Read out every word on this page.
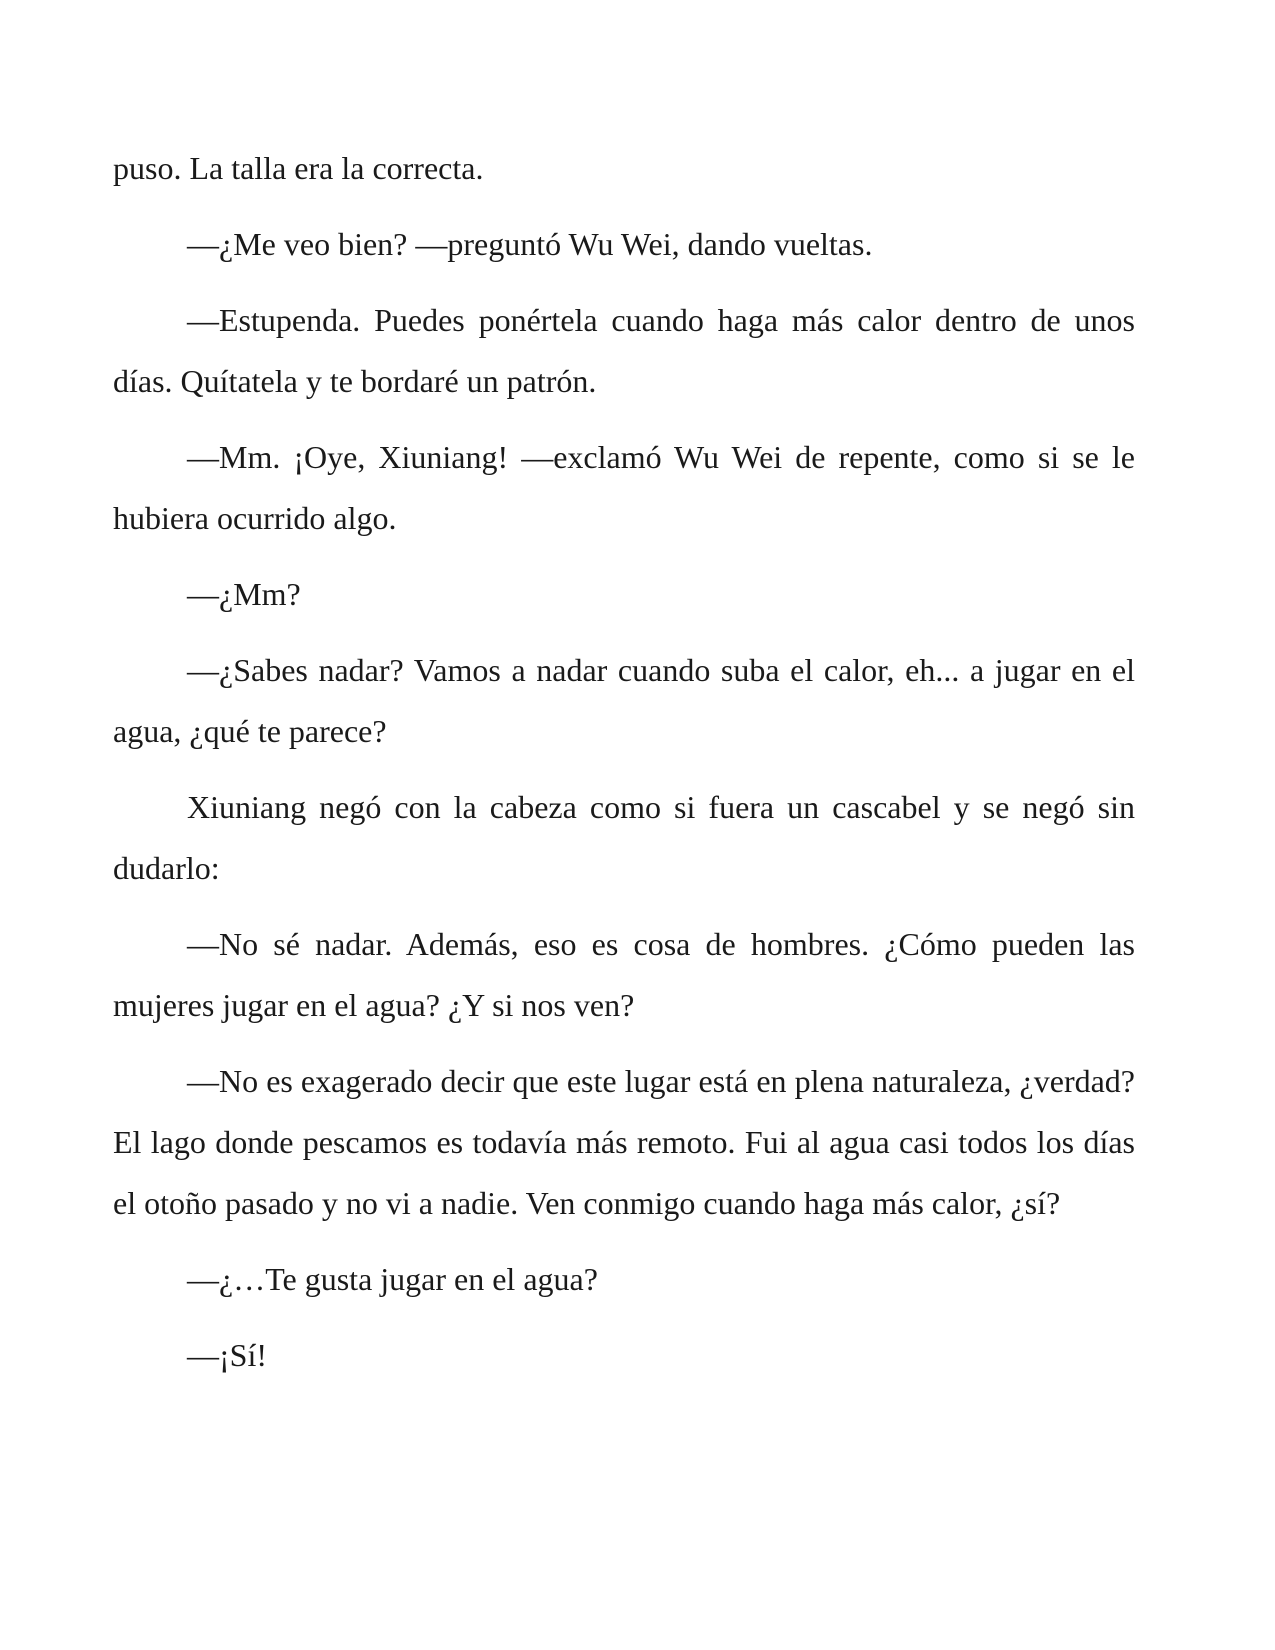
puso. La talla era la correcta.

—¿Me veo bien? —preguntó Wu Wei, dando vueltas.

—Estupenda. Puedes ponértela cuando haga más calor dentro de unos días. Quítatela y te bordaré un patrón.

—Mm. ¡Oye, Xiuniang! —exclamó Wu Wei de repente, como si se le hubiera ocurrido algo.

—¿Mm?

—¿Sabes nadar? Vamos a nadar cuando suba el calor, eh... a jugar en el agua, ¿qué te parece?

Xiuniang negó con la cabeza como si fuera un cascabel y se negó sin dudarlo:

—No sé nadar. Además, eso es cosa de hombres. ¿Cómo pueden las mujeres jugar en el agua? ¿Y si nos ven?

—No es exagerado decir que este lugar está en plena naturaleza, ¿verdad? El lago donde pescamos es todavía más remoto. Fui al agua casi todos los días el otoño pasado y no vi a nadie. Ven conmigo cuando haga más calor, ¿sí?

—¿…Te gusta jugar en el agua?

—¡Sí!
